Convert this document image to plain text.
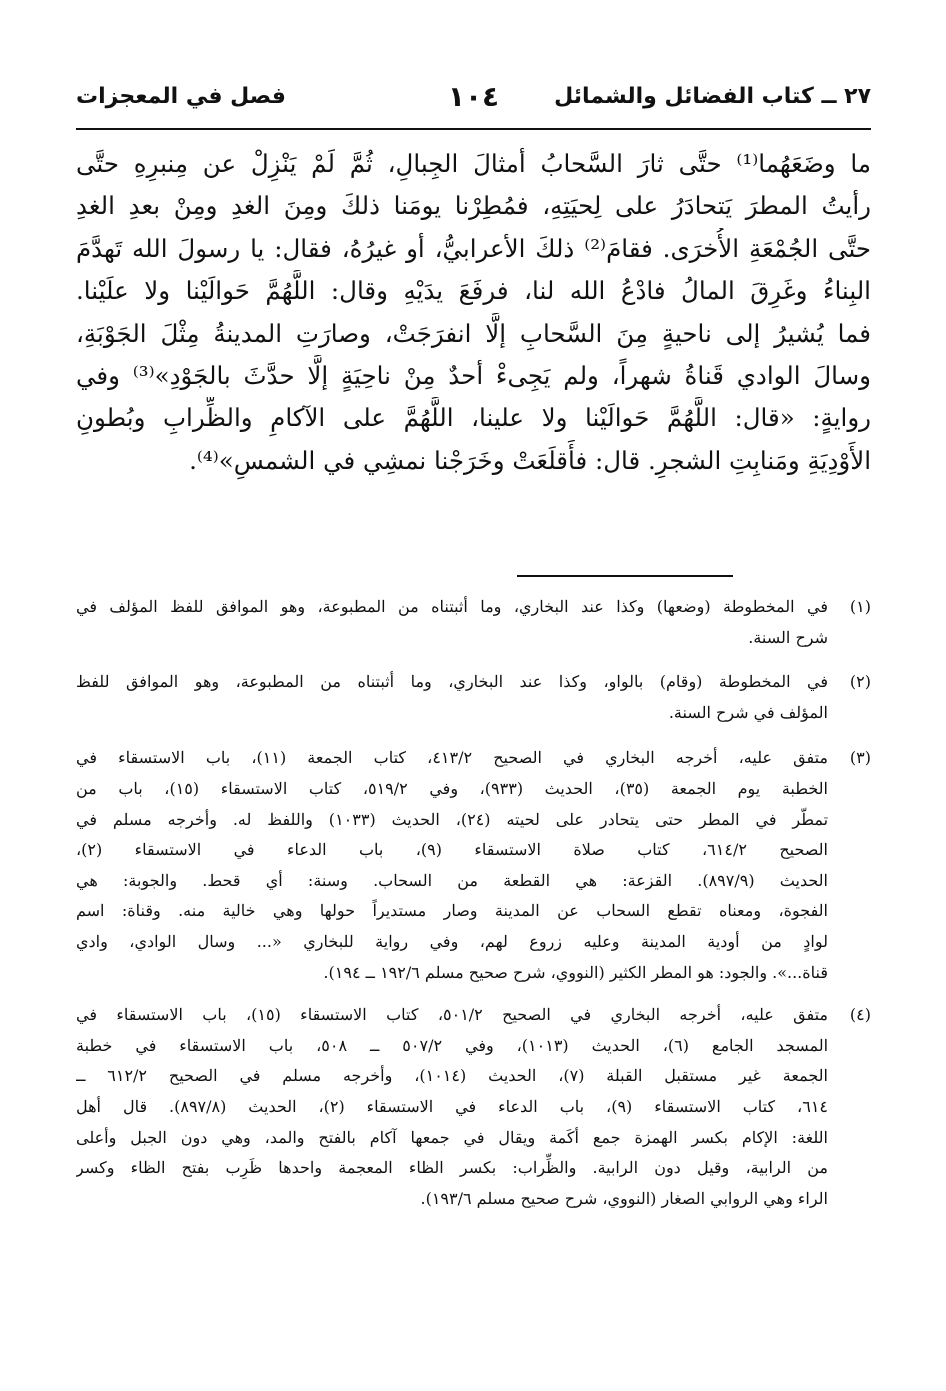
٢٧ ــ كتاب الفضائل والشمائل
١٠٤
فصل في المعجزات
ما وضَعَهُما⁽¹⁾ حتَّى ثارَ السَّحابُ أمثالَ الجِبالِ، ثُمَّ لَمْ يَنْزِلْ عن مِنبرِهِ حتَّى
رأيتُ المطرَ يَتحادَرُ على لِحيَتِهِ، فمُطِرْنا يومَنا ذلكَ ومِنَ الغدِ ومِنْ بعدِ الغدِ
حتَّى الجُمْعَةِ الأُخرَى. فقامَ⁽²⁾ ذلكَ الأعرابيُّ، أو غيرُهُ، فقال: يا رسولَ الله تَهدَّمَ
البِناءُ وغَرِقَ المالُ فادْعُ الله لنا، فرفَعَ يدَيْهِ وقال: اللَّهُمَّ حَوالَيْنا ولا علَيْنا.
فما يُشيرُ إلى ناحيةٍ مِنَ السَّحابِ إلَّا انفرَجَتْ، وصارَتِ المدينةُ مِثْلَ الجَوْبَةِ،
وسالَ الوادي قَناةُ شهراً، ولم يَجِىءْ أحدٌ مِنْ ناحِيَةٍ إلَّا حدَّثَ بالجَوْدِ»⁽³⁾ وفي
روايةٍ: «قال: اللَّهُمَّ حَوالَيْنا ولا علينا، اللَّهُمَّ على الآكامِ والظِّرابِ وبُطونِ
الأَوْدِيَةِ ومَنابِتِ الشجرِ. قال: فأَقلَعَتْ وخَرَجْنا نمشِي في الشمسِ»⁽⁴⁾.
(١)
في المخطوطة (وضعها) وكذا عند البخاري، وما أثبتناه من المطبوعة، وهو الموافق للفظ المؤلف في
شرح السنة.
(٢)
في المخطوطة (وقام) بالواو، وكذا عند البخاري، وما أثبتناه من المطبوعة، وهو الموافق للفظ
المؤلف في شرح السنة.
(٣)
متفق عليه، أخرجه البخاري في الصحيح ٤١٣/٢، كتاب الجمعة (١١)، باب الاستسقاء في
الخطبة يوم الجمعة (٣٥)، الحديث (٩٣٣)، وفي ٥١٩/٢، كتاب الاستسقاء (١٥)، باب من
تمطّر في المطر حتى يتحادر على لحيته (٢٤)، الحديث (١٠٣٣) واللفظ له. وأخرجه مسلم في
الصحيح ٦١٤/٢، كتاب صلاة الاستسقاء (٩)، باب الدعاء في الاستسقاء (٢)،
الحديث (٨٩٧/٩). القزعة: هي القطعة من السحاب. وسنة: أي قحط. والجوبة: هي
الفجوة، ومعناه تقطع السحاب عن المدينة وصار مستديراً حولها وهي خالية منه. وقناة: اسم
لوادٍ من أودية المدينة وعليه زروع لهم، وفي رواية للبخاري «... وسال الوادي، وادي
قناة...». والجود: هو المطر الكثير (النووي، شرح صحيح مسلم ١٩٢/٦ ــ ١٩٤).
(٤)
متفق عليه، أخرجه البخاري في الصحيح ٥٠١/٢، كتاب الاستسقاء (١٥)، باب الاستسقاء في
المسجد الجامع (٦)، الحديث (١٠١٣)، وفي ٥٠٧/٢ ــ ٥٠٨، باب الاستسقاء في خطبة
الجمعة غير مستقبل القبلة (٧)، الحديث (١٠١٤)، وأخرجه مسلم في الصحيح ٦١٢/٢ ــ
٦١٤، كتاب الاستسقاء (٩)، باب الدعاء في الاستسقاء (٢)، الحديث (٨٩٧/٨). قال أهل
اللغة: الإكام بكسر الهمزة جمع أكَمة ويقال في جمعها آكام بالفتح والمد، وهي دون الجبل وأعلى
من الرابية، وقيل دون الرابية. والظِّراب: بكسر الظاء المعجمة واحدها ظَرِب بفتح الظاء وكسر
الراء وهي الروابي الصغار (النووي، شرح صحيح مسلم ١٩٣/٦).
